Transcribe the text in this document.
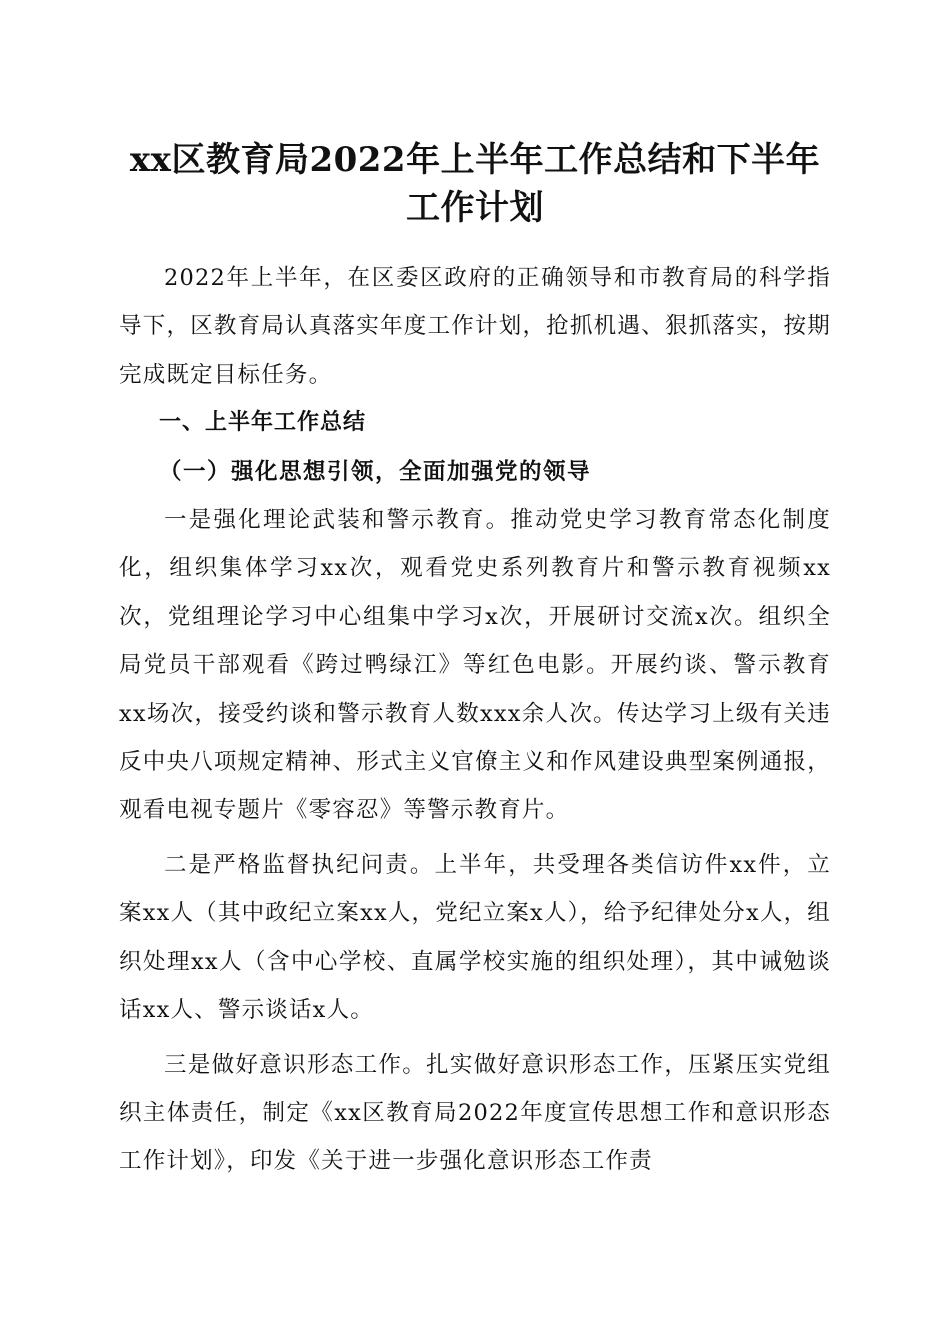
xx区教育局2022年上半年工作总结和下半年
工作计划

2022年上半年，在区委区政府的正确领导和市教育局的科学指导下，区教育局认真落实年度工作计划，抢抓机遇、狠抓落实，按期完成既定目标任务。

一、上半年工作总结

（一）强化思想引领，全面加强党的领导

一是强化理论武装和警示教育。推动党史学习教育常态化制度化，组织集体学习xx次，观看党史系列教育片和警示教育视频xx次，党组理论学习中心组集中学习x次，开展研讨交流x次。组织全局党员干部观看《跨过鸭绿江》等红色电影。开展约谈、警示教育xx场次，接受约谈和警示教育人数xxx余人次。传达学习上级有关违反中央八项规定精神、形式主义官僚主义和作风建设典型案例通报，观看电视专题片《零容忍》等警示教育片。

二是严格监督执纪问责。上半年，共受理各类信访件xx件，立案xx人（其中政纪立案xx人，党纪立案x人），给予纪律处分x人，组织处理xx人（含中心学校、直属学校实施的组织处理），其中诫勉谈话xx人、警示谈话x人。

三是做好意识形态工作。扎实做好意识形态工作，压紧压实党组织主体责任，制定《xx区教育局2022年度宣传思想工作和意识形态工作计划》，印发《关于进一步强化意识形态工作责
